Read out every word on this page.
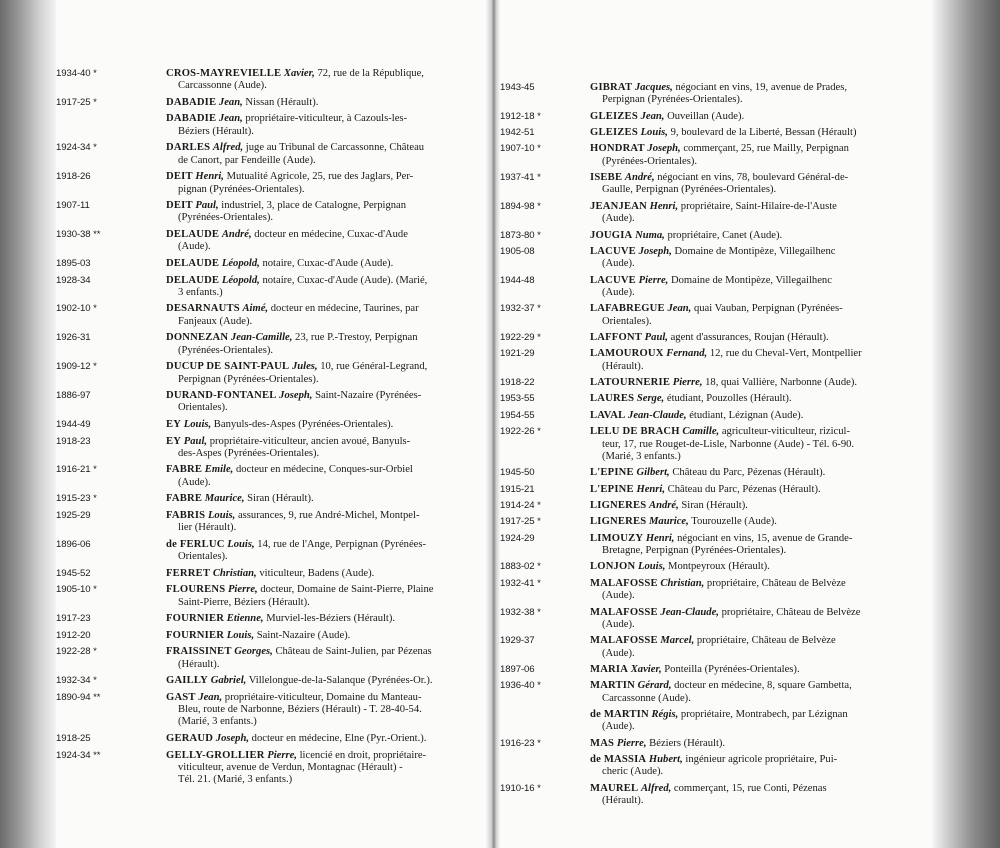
1934-40 *	CROS-MAYREVIELLE Xavier, 72, rue de la République,
Carcassonne (Aude).
1917-25 *	DABADIE Jean, Nissan (Hérault).
DABADIE Jean, propriétaire-viticulteur, à Cazouls-les-
Béziers (Hérault).
1924-34 *	DARLES Alfred, juge au Tribunal de Carcassonne, Château
de Canort, par Fendeille (Aude).
1918-26	DEIT Henri, Mutualité Agricole, 25, rue des Jaglars, Per-
pignan (Pyrénées-Orientales).
1907-11	DEIT Paul, industriel, 3, place de Catalogne, Perpignan
(Pyrénées-Orientales).
1930-38 **	DELAUDE André, docteur en médecine, Cuxac-d'Aude
(Aude).
1895-03	DELAUDE Léopold, notaire, Cuxac-d'Aude (Aude).
1928-34	DELAUDE Léopold, notaire, Cuxac-d'Aude (Aude). (Marié,
3 enfants.)
1902-10 *	DESARNAUTS Aimé, docteur en médecine, Taurines, par
Fanjeaux (Aude).
1926-31	DONNEZAN Jean-Camille, 23, rue P.-Trestoy, Perpignan
(Pyrénées-Orientales).
1909-12 *	DUCUP DE SAINT-PAUL Jules, 10, rue Général-Legrand,
Perpignan (Pyrénées-Orientales).
1886-97	DURAND-FONTANEL Joseph, Saint-Nazaire (Pyrénées-
Orientales).
1944-49	EY Louis, Banyuls-des-Aspes (Pyrénées-Orientales).
1918-23	EY Paul, propriétaire-viticulteur, ancien avoué, Banyuls-
des-Aspes (Pyrénées-Orientales).
1916-21 *	FABRE Emile, docteur en médecine, Conques-sur-Orbiel
(Aude).
1915-23 *	FABRE Maurice, Siran (Hérault).
1925-29	FABRIS Louis, assurances, 9, rue André-Michel, Montpel-
lier (Hérault).
1896-06	de FERLUC Louis, 14, rue de l'Ange, Perpignan (Pyrénées-
Orientales).
1945-52	FERRET Christian, viticulteur, Badens (Aude).
1905-10 *	FLOURENS Pierre, docteur, Domaine de Saint-Pierre, Plaine
Saint-Pierre, Béziers (Hérault).
1917-23	FOURNIER Etienne, Murviel-les-Béziers (Hérault).
1912-20	FOURNIER Louis, Saint-Nazaire (Aude).
1922-28 *	FRAISSINET Georges, Château de Saint-Julien, par Pézenas
(Hérault).
1932-34 *	GAILLY Gabriel, Villelongue-de-la-Salanque (Pyrénées-Or.).
1890-94 **	GAST Jean, propriétaire-viticulteur, Domaine du Manteau-
Bleu, route de Narbonne, Béziers (Hérault) - T. 28-40-54.
(Marié, 3 enfants.)
1918-25	GERAUD Joseph, docteur en médecine, Elne (Pyr.-Orient.).
1924-34 **	GELLY-GROLLIER Pierre, licencié en droit, propriétaire-
viticulteur, avenue de Verdun, Montagnac (Hérault) -
Tél. 21. (Marié, 3 enfants.)
1943-45	GIBRAT Jacques, négociant en vins, 19, avenue de Prades,
Perpignan (Pyrénées-Orientales).
1912-18 *	GLEIZES Jean, Ouveillan (Aude).
1942-51	GLEIZES Louis, 9, boulevard de la Liberté, Bessan (Hérault)
1907-10 *	HONDRAT Joseph, commerçant, 25, rue Mailly, Perpignan
(Pyrénées-Orientales).
1937-41 *	ISEBE André, négociant en vins, 78, boulevard Général-de-
Gaulle, Perpignan (Pyrénées-Orientales).
1894-98 *	JEANJEAN Henri, propriétaire, Saint-Hilaire-de-l'Auste
(Aude).
1873-80 *	JOUGIA Numa, propriétaire, Canet (Aude).
1905-08	LACUVE Joseph, Domaine de Montipèze, Villegailhenc
(Aude).
1944-48	LACUVE Pierre, Domaine de Montipèze, Villegailhenc
(Aude).
1932-37 *	LAFABREGUE Jean, quai Vauban, Perpignan (Pyrénées-
Orientales).
1922-29 *	LAFFONT Paul, agent d'assurances, Roujan (Hérault).
1921-29	LAMOUROUX Fernand, 12, rue du Cheval-Vert, Montpellier
(Hérault).
1918-22	LATOURNERIE Pierre, 18, quai Vallière, Narbonne (Aude).
1953-55	LAURES Serge, étudiant, Pouzolles (Hérault).
1954-55	LAVAL Jean-Claude, étudiant, Lézignan (Aude).
1922-26 *	LELU DE BRACH Camille, agriculteur-viticulteur, rizicul-
teur, 17, rue Rouget-de-Lisle, Narbonne (Aude) - Tél. 6-90.
(Marié, 3 enfants.)
1945-50	L'EPINE Gilbert, Château du Parc, Pézenas (Hérault).
1915-21	L'EPINE Henri, Château du Parc, Pézenas (Hérault).
1914-24 *	LIGNERES André, Siran (Hérault).
1917-25 *	LIGNERES Maurice, Tourouzelle (Aude).
1924-29	LIMOUZY Henri, négociant en vins, 15, avenue de Grande-
Bretagne, Perpignan (Pyrénées-Orientales).
1883-02 *	LONJON Louis, Montpeyroux (Hérault).
1932-41 *	MALAFOSSE Christian, propriétaire, Château de Belvèze
(Aude).
1932-38 *	MALAFOSSE Jean-Claude, propriétaire, Château de Belvèze
(Aude).
1929-37	MALAFOSSE Marcel, propriétaire, Château de Belvèze
(Aude).
1897-06	MARIA Xavier, Ponteilla (Pyrénées-Orientales).
1936-40 *	MARTIN Gérard, docteur en médecine, 8, square Gambetta,
Carcassonne (Aude).
de MARTIN Régis, propriétaire, Montrabech, par Lézignan
(Aude).
1916-23 *	MAS Pierre, Béziers (Hérault).
de MASSIA Hubert, ingénieur agricole propriétaire, Pui-
cheric (Aude).
1910-16 *	MAUREL Alfred, commerçant, 15, rue Conti, Pézenas
(Hérault).
